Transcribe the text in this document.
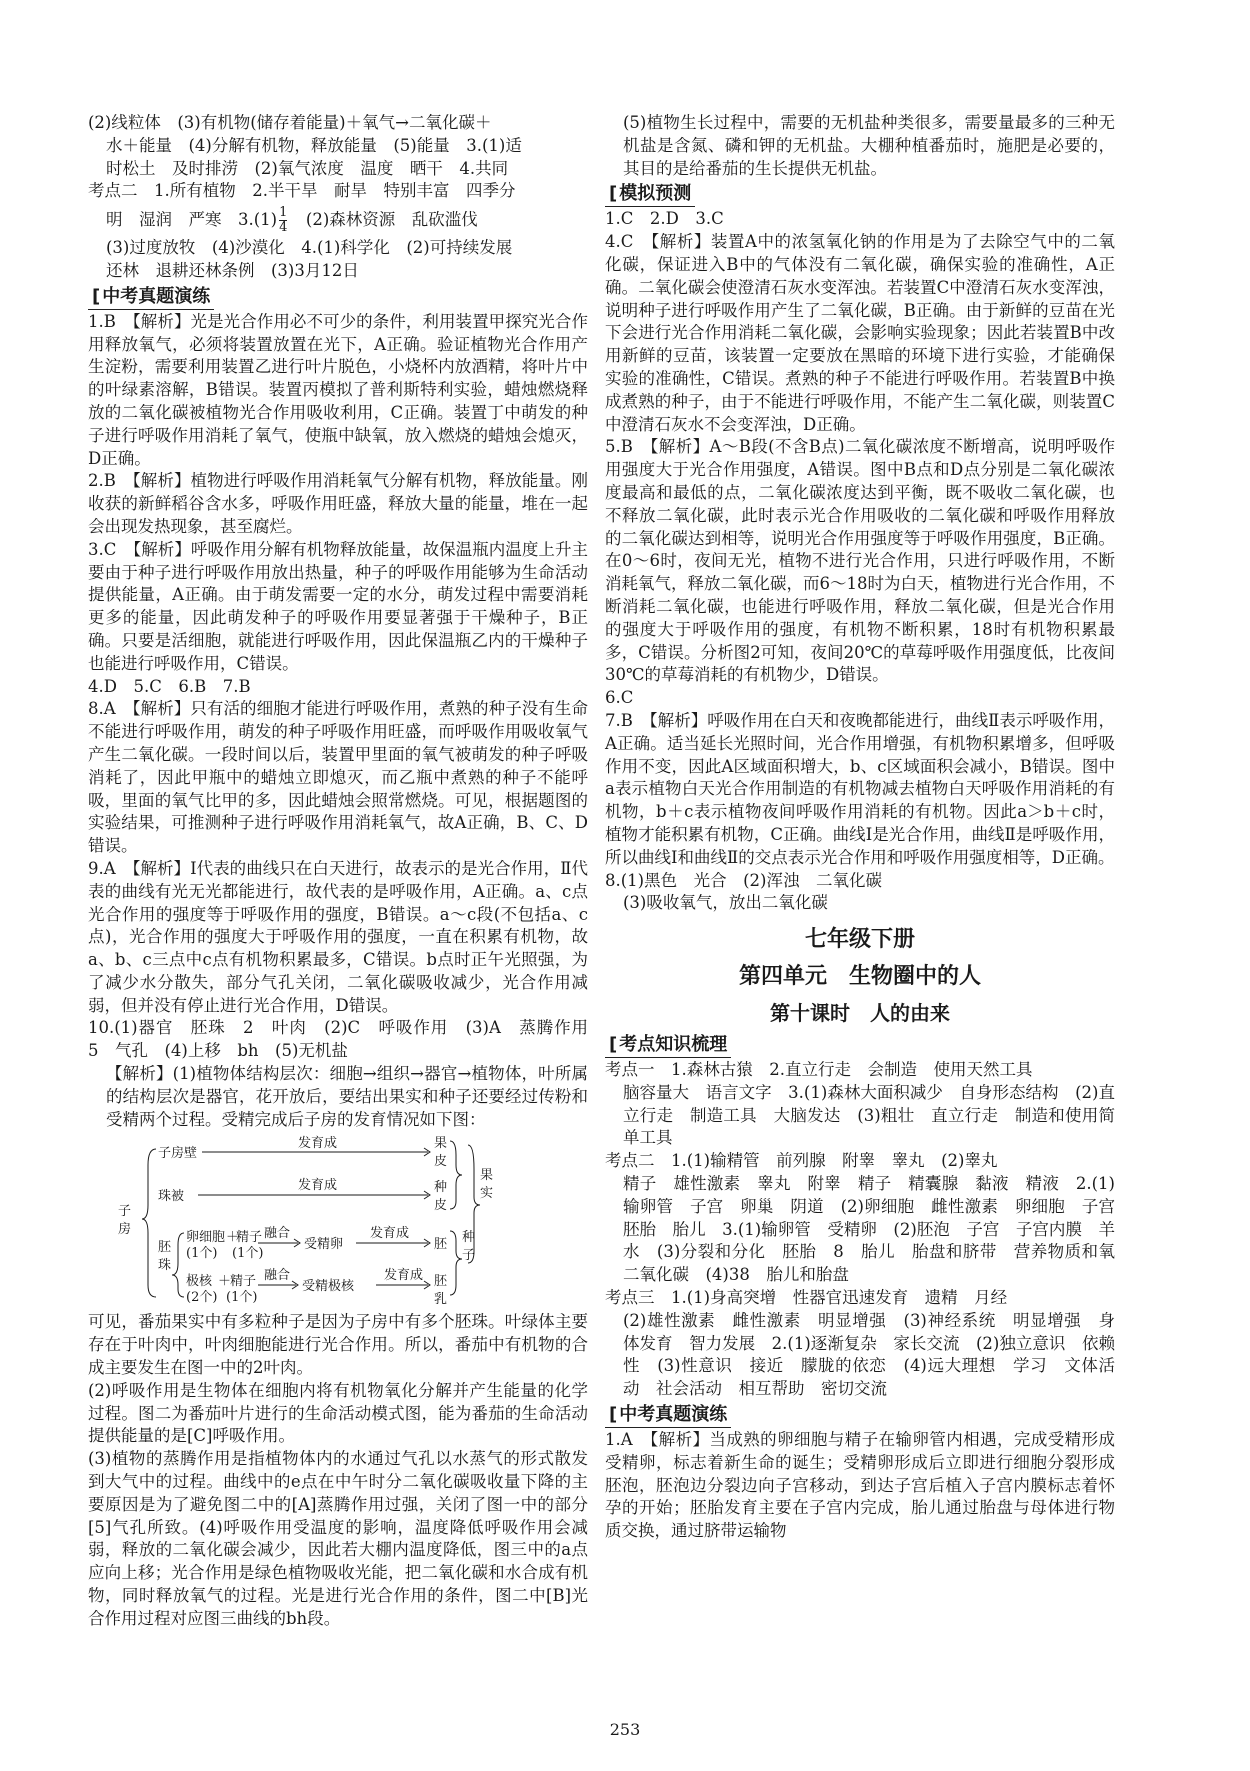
(2)线粒体　(3)有机物(储存着能量)＋氧气→二氧化碳＋

水＋能量　(4)分解有机物，释放能量　(5)能量　3.(1)适

时松土　及时排涝　(2)氧气浓度　温度　晒干　4.共同

考点二　1.所有植物　2.半干旱　耐旱　特别丰富　四季分

明　湿润　严寒　$3.(1) \frac{1}{4}$ 　(2)森林资源　乱砍滥伐

(3)过度放牧　(4)沙漠化　4.(1)科学化　(2)可持续发展

还林　退耕还林条例　(3)3月12日

[ 中考真题演练

1.B　【解析】光是光合作用必不可少的条件，利用装置甲探究光合作用释放氧气，必须将装置放置在光下，A正确。验证植物光合作用产生淀粉，需要利用装置乙进行叶片脱色，小烧杯内放酒精，将叶片中的叶绿素溶解，B错误。装置丙模拟了普利斯特利实验，蜡烛燃烧释放的二氧化碳被植物光合作用吸收利用，C正确。装置丁中萌发的种子进行呼吸作用消耗了氧气，使瓶中缺氧，放入燃烧的蜡烛会熄灭，D正确。

2.B　【解析】植物进行呼吸作用消耗氧气分解有机物，释放能量。刚收获的新鲜稻谷含水多，呼吸作用旺盛，释放大量的能量，堆在一起会出现发热现象，甚至腐烂。

3.C　【解析】呼吸作用分解有机物释放能量，故保温瓶内温度上升主要由于种子进行呼吸作用放出热量，种子的呼吸作用能够为生命活动提供能量，A正确。由于萌发需要一定的水分，萌发过程中需要消耗更多的能量，因此萌发种子的呼吸作用要显著强于干燥种子，B正确。只要是活细胞，就能进行呼吸作用，因此保温瓶乙内的干燥种子也能进行呼吸作用，C错误。

4.D　5.C　6.B　7.B

8.A　【解析】只有活的细胞才能进行呼吸作用，煮熟的种子没有生命不能进行呼吸作用，萌发的种子呼吸作用旺盛，而呼吸作用吸收氧气产生二氧化碳。一段时间以后，装置甲里面的氧气被萌发的种子呼吸消耗了，因此甲瓶中的蜡烛立即熄灭，而乙瓶中煮熟的种子不能呼吸，里面的氧气比甲的多，因此蜡烛会照常燃烧。可见，根据题图的实验结果，可推测种子进行呼吸作用消耗氧气，故A正确，B、C、D错误。

9.A　【解析】Ⅰ代表的曲线只在白天进行，故表示的是光合作用，Ⅱ代表的曲线有光无光都能进行，故代表的是呼吸作用，A正确。a、c点光合作用的强度等于呼吸作用的强度，B错误。a～c段(不包括a、c点)，光合作用的强度大于呼吸作用的强度，一直在积累有机物，故a、b、c三点中c点有机物积累最多，C错误。b点时正午光照强，为了减少水分散失，部分气孔关闭，二氧化碳吸收减少，光合作用减弱，但并没有停止进行光合作用，D错误。

10.(1)器官　胚珠　2　叶肉　(2)C　呼吸作用　(3)A　蒸腾作用　5　气孔　(4)上移　bh　(5)无机盐

【解析】(1)植物体结构层次：细胞→组织→器官→植物体，叶所属的结构层次是器官，花开放后，要结出果实和种子还要经过传粉和受精两个过程。受精完成后子房的发育情况如下图：

子
房
子房壁
发育成	果
皮
珠被
发育成	种
皮
果
实
胚
珠
卵细胞
(1个)
＋
精子
(1个)
融合
受精卵
发育成
胚 种
子
极核
(2个)
＋
精子
(1个)
融合
受精极核
发育成 胚
乳

可见，番茄果实中有多粒种子是因为子房中有多个胚珠。叶绿体主要存在于叶肉中，叶肉细胞能进行光合作用。所以，番茄中有机物的合成主要发生在图一中的2叶肉。

(2)呼吸作用是生物体在细胞内将有机物氧化分解并产生能量的化学过程。图二为番茄叶片进行的生命活动模式图，能为番茄的生命活动提供能量的是[C]呼吸作用。

(3)植物的蒸腾作用是指植物体内的水通过气孔以水蒸气的形式散发到大气中的过程。曲线中的e点在中午时分二氧化碳吸收量下降的主要原因是为了避免图二中的[A]蒸腾作用过强，关闭了图一中的部分[5]气孔所致。(4)呼吸作用受温度的影响，温度降低呼吸作用会减弱，释放的二氧化碳会减少，因此若大棚内温度降低，图三中的a点应向上移；光合作用是绿色植物吸收光能，把二氧化碳和水合成有机物，同时释放氧气的过程。光是进行光合作用的条件，图二中[B]光合作用过程对应图三曲线的bh段。

(5)植物生长过程中，需要的无机盐种类很多，需要量最多的三种无机盐是含氮、磷和钾的无机盐。大棚种植番茄时，施肥是必要的，其目的是给番茄的生长提供无机盐。

[ 模拟预测

1.C　2.D　3.C

4.C　【解析】装置A中的浓氢氧化钠的作用是为了去除空气中的二氧化碳，保证进入B中的气体没有二氧化碳，确保实验的准确性，A正确。二氧化碳会使澄清石灰水变浑浊。若装置C中澄清石灰水变浑浊，说明种子进行呼吸作用产生了二氧化碳，B正确。由于新鲜的豆苗在光下会进行光合作用消耗二氧化碳，会影响实验现象；因此若装置B中改用新鲜的豆苗，该装置一定要放在黑暗的环境下进行实验，才能确保实验的准确性，C错误。煮熟的种子不能进行呼吸作用。若装置B中换成煮熟的种子，由于不能进行呼吸作用，不能产生二氧化碳，则装置C中澄清石灰水不会变浑浊，D正确。

5.B　【解析】A～B段(不含B点)二氧化碳浓度不断增高，说明呼吸作用强度大于光合作用强度，A错误。图中B点和D点分别是二氧化碳浓度最高和最低的点，二氧化碳浓度达到平衡，既不吸收二氧化碳，也不释放二氧化碳，此时表示光合作用吸收的二氧化碳和呼吸作用释放的二氧化碳达到相等，说明光合作用强度等于呼吸作用强度，B正确。在0～6时，夜间无光，植物不进行光合作用，只进行呼吸作用，不断消耗氧气，释放二氧化碳，而6～18时为白天，植物进行光合作用，不断消耗二氧化碳，也能进行呼吸作用，释放二氧化碳，但是光合作用的强度大于呼吸作用的强度，有机物不断积累，18时有机物积累最多，C错误。分析图2可知，夜间20℃的草莓呼吸作用强度低，比夜间30℃的草莓消耗的有机物少，D错误。

6.C

7.B　【解析】呼吸作用在白天和夜晚都能进行，曲线Ⅱ表示呼吸作用，A正确。适当延长光照时间，光合作用增强，有机物积累增多，但呼吸作用不变，因此A区域面积增大，b、c区域面积会减小，B错误。图中a表示植物白天光合作用制造的有机物减去植物白天呼吸作用消耗的有机物，b＋c表示植物夜间呼吸作用消耗的有机物。因此a＞b＋c时，植物才能积累有机物，C正确。曲线Ⅰ是光合作用，曲线Ⅱ是呼吸作用，所以曲线Ⅰ和曲线Ⅱ的交点表示光合作用和呼吸作用强度相等，D正确。

8.(1)黑色　光合　(2)浑浊　二氧化碳

(3)吸收氧气，放出二氧化碳

七年级下册
第四单元　生物圈中的人
第十课时　人的由来
[ 考点知识梳理

考点一　1.森林古猿　2.直立行走　会制造　使用天然工具

脑容量大　语言文字　3.(1)森林大面积减少　自身形态结构　(2)直立行走　制造工具　大脑发达　(3)粗壮　直立行走　制造和使用简单工具

考点二　1.(1)输精管　前列腺　附睾　睾丸　(2)睾丸

精子　雄性激素　睾丸　附睾　精子　精囊腺　黏液　精液　2.(1)输卵管　子宫　卵巢　阴道　(2)卵细胞　雌性激素　卵细胞　子宫　胚胎　胎儿　3.(1)输卵管　受精卵　(2)胚泡　子宫　子宫内膜　羊水　(3)分裂和分化　胚胎　8　胎儿　胎盘和脐带　营养物质和氧　二氧化碳　(4)38　胎儿和胎盘

考点三　1.(1)身高突增　性器官迅速发育　遗精　月经

(2)雄性激素　雌性激素　明显增强　(3)神经系统　明显增强　身体发育　智力发展　2.(1)逐渐复杂　家长交流　(2)独立意识　依赖性　(3)性意识　接近　朦胧的依恋　(4)远大理想　学习　文体活动　社会活动　相互帮助　密切交流

[ 中考真题演练

1.A　【解析】当成熟的卵细胞与精子在输卵管内相遇，完成受精形成受精卵，标志着新生命的诞生；受精卵形成后立即进行细胞分裂形成胚泡，胚泡边分裂边向子宫移动，到达子宫后植入子宫内膜标志着怀孕的开始；胚胎发育主要在子宫内完成，胎儿通过胎盘与母体进行物质交换，通过脐带运输物

253
